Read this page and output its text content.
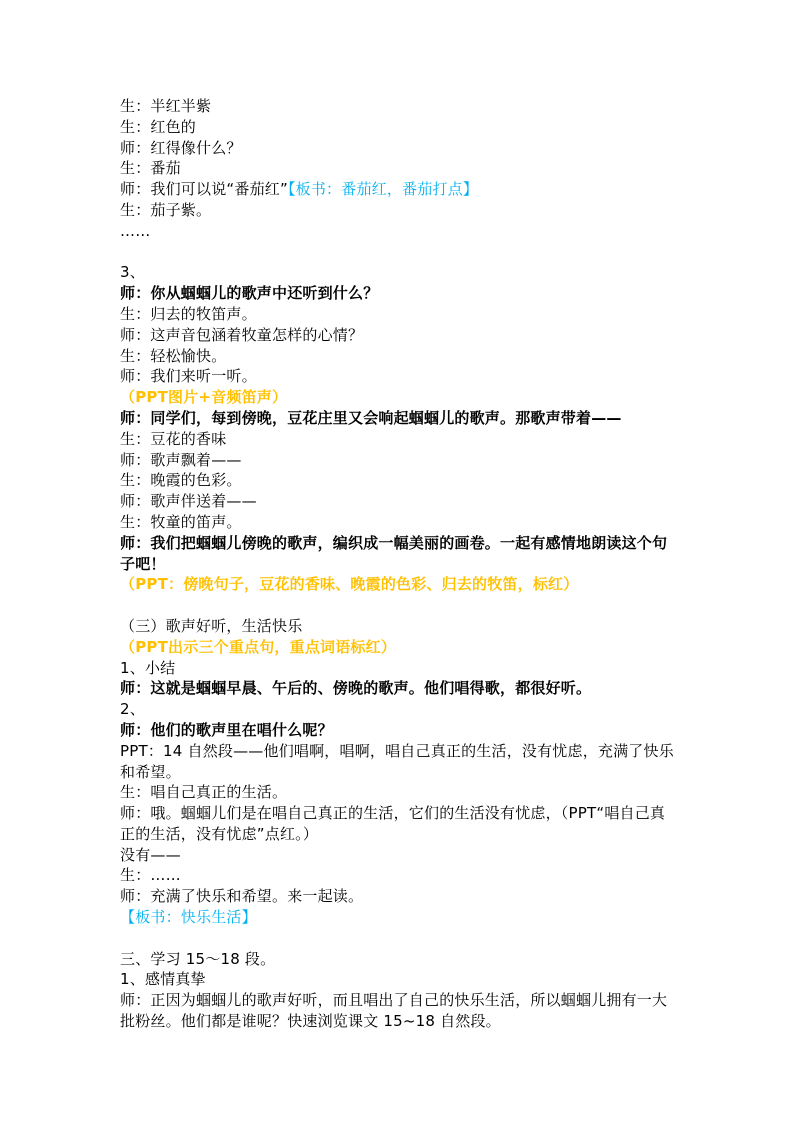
生：半红半紫
生：红色的
师：红得像什么？
生：番茄
师：我们可以说“番茄红”【板书：番茄红，番茄打点】
生：茄子紫。
……
3、
师：你从蝈蝈儿的歌声中还听到什么？
生：归去的牧笛声。
师：这声音包涵着牧童怎样的心情？
生：轻松愉快。
师：我们来听一听。
（PPT图片+音频笛声）
师：同学们，每到傍晚，豆花庄里又会响起蝈蝈儿的歌声。那歌声带着——
生：豆花的香味
师：歌声飘着——
生：晚霞的色彩。
师：歌声伴送着——
生：牧童的笛声。
师：我们把蝈蝈儿傍晚的歌声，编织成一幅美丽的画卷。一起有感情地朗读这个句子吧！
（PPT：傍晚句子，豆花的香味、晚霞的色彩、归去的牧笛，标红）
（三）歌声好听，生活快乐
（PPT出示三个重点句，重点词语标红）
1、小结
师：这就是蝈蝈早晨、午后的、傍晚的歌声。他们唱得歌，都很好听。
2、
师：他们的歌声里在唱什么呢？
PPT：14 自然段——他们唱啊，唱啊，唱自己真正的生活，没有忧虑，充满了快乐和希望。
生：唱自己真正的生活。
师：哦。蝈蝈儿们是在唱自己真正的生活，它们的生活没有忧虑，（PPT“唱自己真正的生活，没有忧虑”点红。）
没有——
生：……
师：充满了快乐和希望。来一起读。
【板书：快乐生活】
三、学习 15～18 段。
1、感情真挚
师：正因为蝈蝈儿的歌声好听，而且唱出了自己的快乐生活，所以蝈蝈儿拥有一大批粉丝。他们都是谁呢？快速浏览课文 15~18 自然段。
